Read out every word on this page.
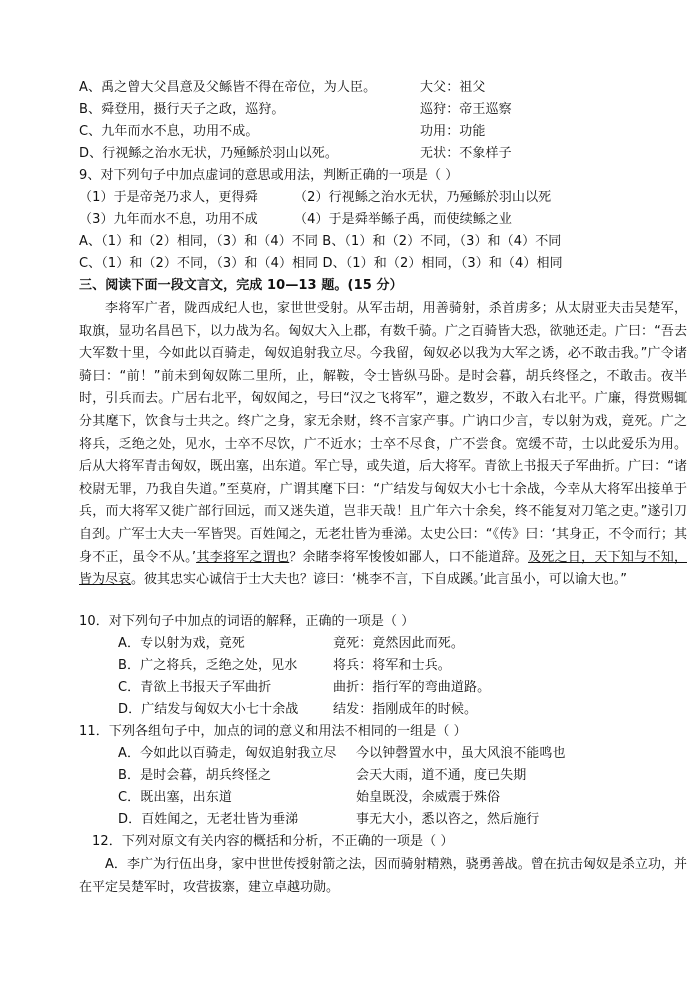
A、禹之曾大父昌意及父鲧皆不得在帝位，为人臣。	大父：祖父
B、舜登用，摄行天子之政，巡狩。	巡狩：帝王巡察
C、九年而水不息，功用不成。	功用：功能
D、行视鲧之治水无状，乃殛鲧於羽山以死。	无状：不象样子
9、对下列句子中加点虚词的意思或用法，判断正确的一项是（ ）
（1）于是帝尧乃求人，更得舜	（2）行视鲧之治水无状，乃殛鲧於羽山以死
（3）九年而水不息，功用不成	（4）于是舜举鲧子禹，而使续鲧之业
A、（1）和（2）相同，（3）和（4）不同 B、（1）和（2）不同，（3）和（4）不同
C、（1）和（2）不同，（3）和（4）相同 D、（1）和（2）相同，（3）和（4）相同
三、阅读下面一段文言文，完成 10—13 题。(15 分）
李将军广者，陇西成纪人也，家世世受射。从军击胡，用善骑射，杀首虏多；从太尉亚夫击吴楚军，取旗，显功名昌邑下，以力战为名。匈奴大入上郡，有数千骑。广之百骑皆大恐，欲驰还走。广曰：“吾去大军数十里，今如此以百骑走，匈奴追射我立尽。今我留，匈奴必以我为大军之诱，必不敢击我。”广令诸骑曰：“前！”前未到匈奴陈二里所，止，解鞍，令士皆纵马卧。是时会暮，胡兵终怪之，不敢击。夜半时，引兵而去。广居右北平，匈奴闻之，号曰“汉之飞将军”，避之数岁，不敢入右北平。广廉，得赏赐辄分其麾下，饮食与士共之。终广之身，家无余财，终不言家产事。广讷口少言，专以射为戏，竟死。广之将兵，乏绝之处，见水，士卒不尽饮，广不近水；士卒不尽食，广不尝食。宽缓不苛，士以此爱乐为用。后从大将军青击匈奴，既出塞，出东道。军亡导，或失道，后大将军。青欲上书报天子军曲折。广曰：“诸校尉无罪，乃我自失道。”至莫府，广谓其麾下曰：“广结发与匈奴大小七十余战，今幸从大将军出接单于兵，而大将军又徙广部行回远，而又迷失道，岂非天哉！且广年六十余矣，终不能复对刀笔之吏。”遂引刀自刭。广军士大夫一军皆哭。百姓闻之，无老壮皆为垂涕。太史公曰：“《传》曰：‘其身正，不令而行；其身不正，虽令不从。’其李将军之谓也？余睹李将军悛悛如鄙人，口不能道辞。及死之日，天下知与不知，皆为尽哀。彼其忠实心诚信于士大夫也？谚曰：‘桃李不言，下自成蹊。’此言虽小，可以谕大也。”
10．对下列句子中加点的词语的解释，正确的一项是（ ）
A．专以射为戏，竟死	竟死：竟然因此而死。
B．广之将兵，乏绝之处，见水	将兵：将军和士兵。
C．青欲上书报天子军曲折	曲折：指行军的弯曲道路。
D．广结发与匈奴大小七十余战	结发：指刚成年的时候。
11．下列各组句子中，加点的词的意义和用法不相同的一组是（ ）
A．今如此以百骑走，匈奴追射我立尽 今以钟磬置水中，虽大风浪不能鸣也
B．是时会暮，胡兵终怪之	会天大雨，道不通，度已失期
C．既出塞，出东道	始皇既没，余威震于殊俗
D．百姓闻之，无老壮皆为垂涕	事无大小，悉以咨之，然后施行
12．下列对原文有关内容的概括和分析，不正确的一项是（ ）
A．李广为行伍出身，家中世世传授射箭之法，因而骑射精熟，骁勇善战。曾在抗击匈奴是杀立功，并在平定吴楚军时，攻营拔寨，建立卓越功勋。
